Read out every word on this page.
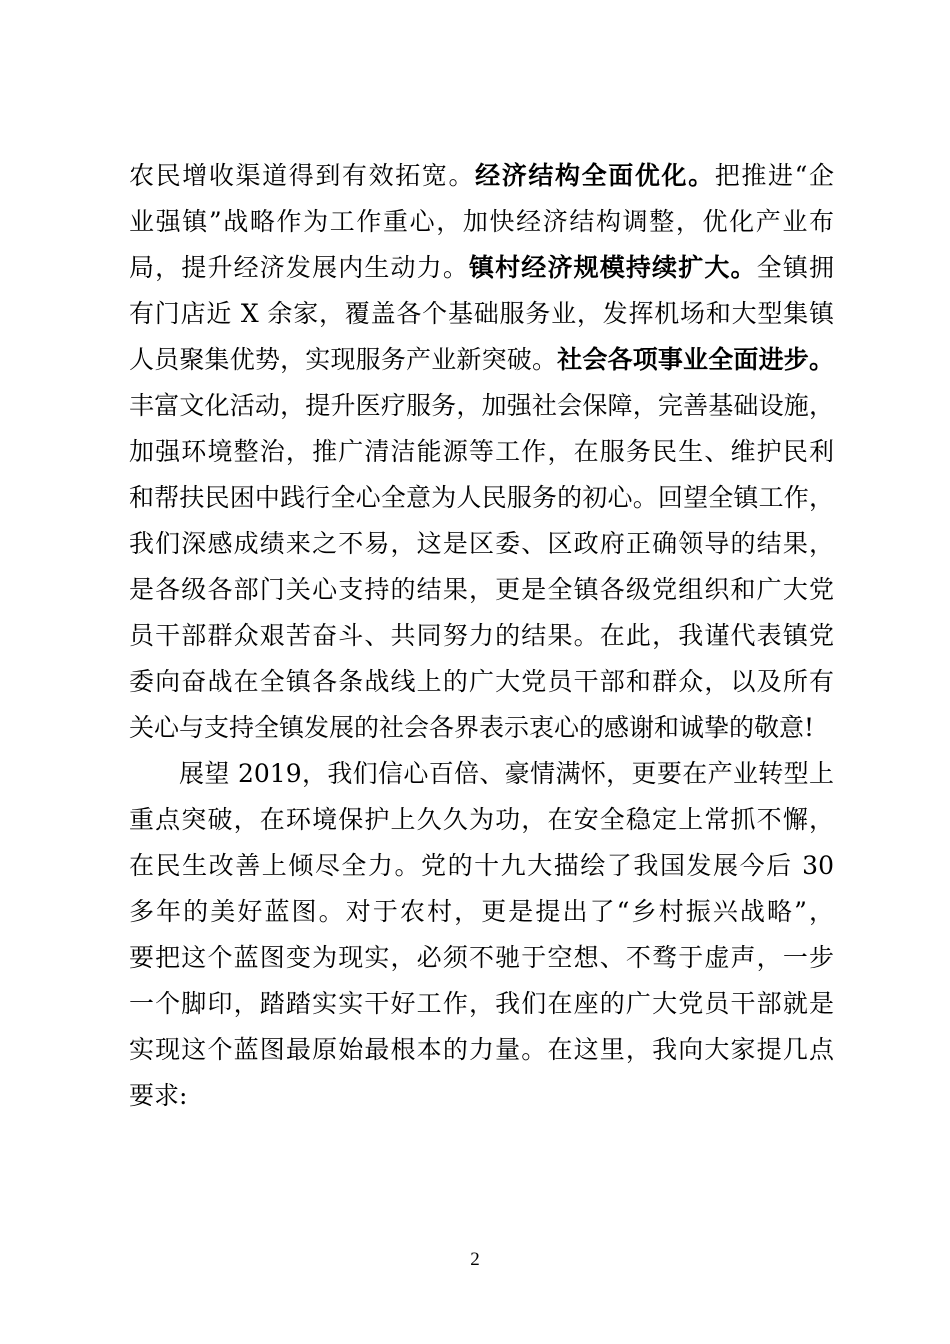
农民增收渠道得到有效拓宽。经济结构全面优化。把推进“企
业强镇”战略作为工作重心，加快经济结构调整，优化产业布
局，提升经济发展内生动力。镇村经济规模持续扩大。全镇拥
有门店近 X 余家，覆盖各个基础服务业，发挥机场和大型集镇
人员聚集优势，实现服务产业新突破。社会各项事业全面进步。
丰富文化活动，提升医疗服务，加强社会保障，完善基础设施，
加强环境整治，推广清洁能源等工作，在服务民生、维护民利
和帮扶民困中践行全心全意为人民服务的初心。回望全镇工作，
我们深感成绩来之不易，这是区委、区政府正确领导的结果，
是各级各部门关心支持的结果，更是全镇各级党组织和广大党
员干部群众艰苦奋斗、共同努力的结果。在此，我谨代表镇党
委向奋战在全镇各条战线上的广大党员干部和群众，以及所有
关心与支持全镇发展的社会各界表示衷心的感谢和诚挚的敬意!
展望 2019，我们信心百倍、豪情满怀，更要在产业转型上
重点突破，在环境保护上久久为功，在安全稳定上常抓不懈，
在民生改善上倾尽全力。党的十九大描绘了我国发展今后 30
多年的美好蓝图。对于农村，更是提出了“乡村振兴战略”，
要把这个蓝图变为现实，必须不驰于空想、不骛于虚声，一步
一个脚印，踏踏实实干好工作，我们在座的广大党员干部就是
实现这个蓝图最原始最根本的力量。在这里，我向大家提几点
要求:
2
